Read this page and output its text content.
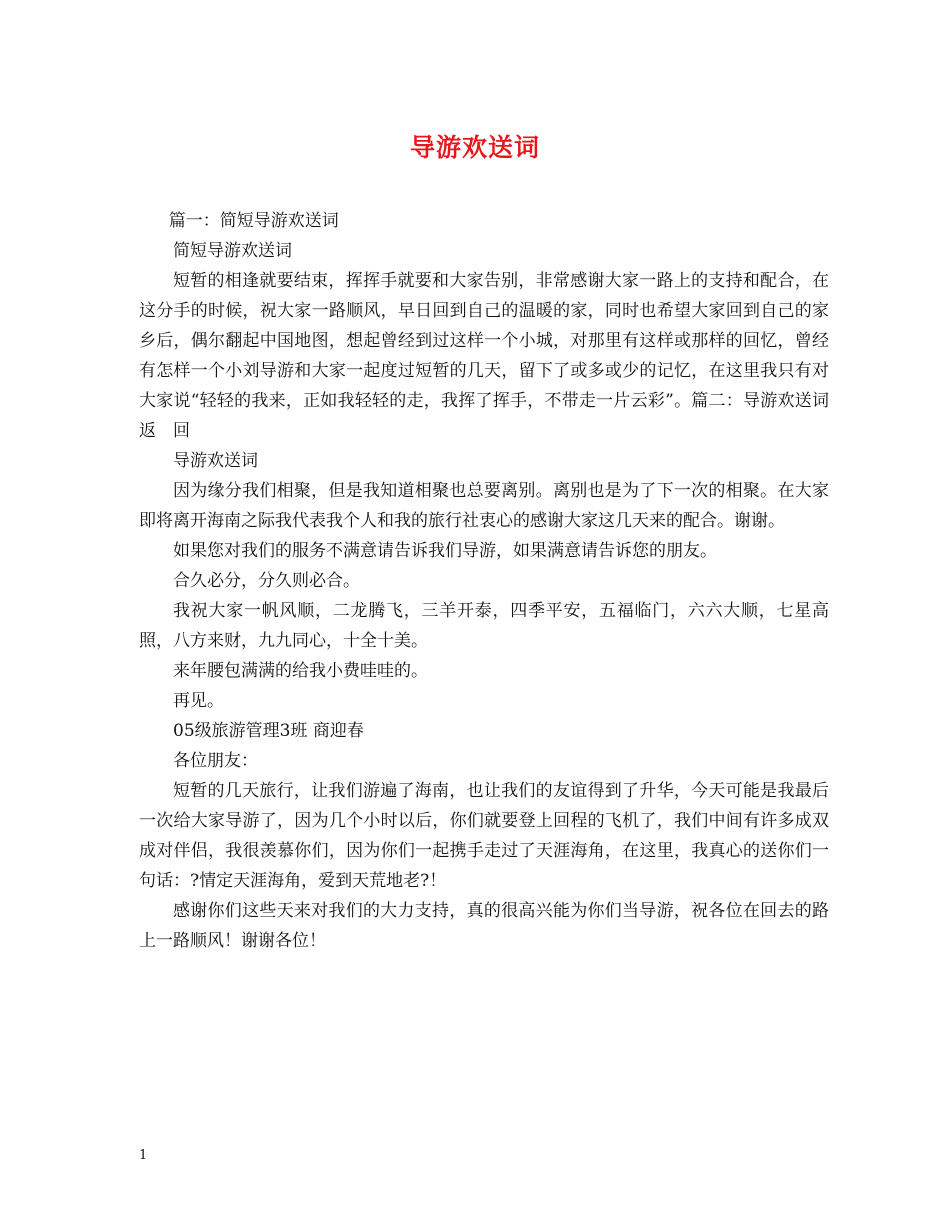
导游欢送词

篇一：简短导游欢送词

简短导游欢送词

短暂的相逢就要结束，挥挥手就要和大家告别，非常感谢大家一路上的支持和配合，在这分手的时候，祝大家一路顺风，早日回到自己的温暖的家，同时也希望大家回到自己的家乡后，偶尔翻起中国地图，想起曾经到过这样一个小城，对那里有这样或那样的回忆，曾经有怎样一个小刘导游和大家一起度过短暂的几天，留下了或多或少的记忆，在这里我只有对大家说“轻轻的我来，正如我轻轻的走，我挥了挥手，不带走一片云彩”。篇二：导游欢送词返　回

导游欢送词

因为缘分我们相聚，但是我知道相聚也总要离别。离别也是为了下一次的相聚。在大家即将离开海南之际我代表我个人和我的旅行社衷心的感谢大家这几天来的配合。谢谢。

如果您对我们的服务不满意请告诉我们导游，如果满意请告诉您的朋友。

合久必分，分久则必合。

我祝大家一帆风顺，二龙腾飞，三羊开泰，四季平安，五福临门，六六大顺，七星高照，八方来财，九九同心，十全十美。

来年腰包满满的给我小费哇哇的。

再见。

05级旅游管理3班 商迎春

各位朋友：

短暂的几天旅行，让我们游遍了海南，也让我们的友谊得到了升华，今天可能是我最后一次给大家导游了，因为几个小时以后，你们就要登上回程的飞机了，我们中间有许多成双成对伴侣，我很羡慕你们，因为你们一起携手走过了天涯海角，在这里，我真心的送你们一句话：?情定天涯海角，爱到天荒地老?！

感谢你们这些天来对我们的大力支持，真的很高兴能为你们当导游，祝各位在回去的路上一路顺风！谢谢各位！

1
